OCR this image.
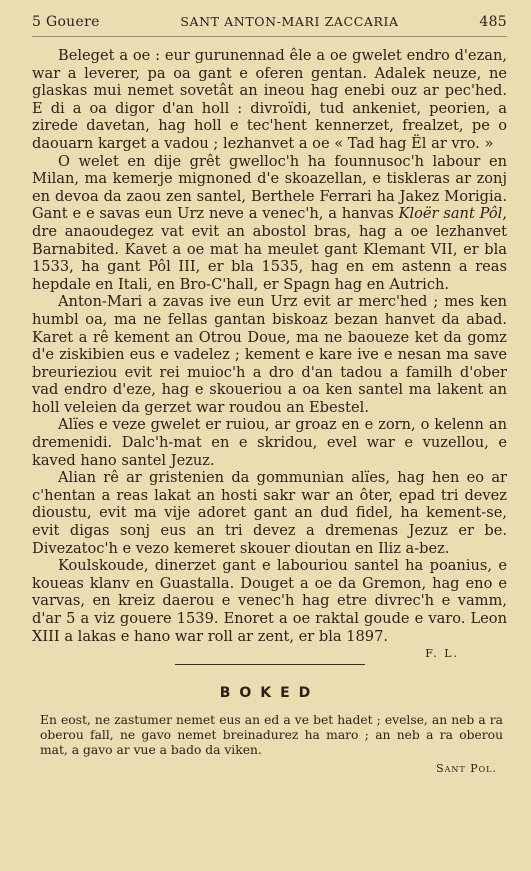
5 Gouere	SANT ANTON-MARI ZACCARIA	485

Beleget a oe : eur gurunennad êle a oe gwelet endro d'ezan, war a leverer, pa oa gant e oferen gentan. Adalek neuze, ne glaskas mui nemet sovetât an ineou hag enebi ouz ar pec'hed. E di a oa digor d'an holl : divroïdi, tud ankeniet, peorien, a zirede davetan, hag holl e tec'hent kennerzet, frealzet, pe o daouarn karget a vadou ; lezhanvet a oe « Tad hag Ël ar vro. »

O welet en dije grêt gwelloc'h ha founnusoc'h labour en Milan, ma kemerje mignoned d'e skoazellan, e tiskleras ar zonj en devoa da zaou zen santel, Berthele Ferrari ha Jakez Morigia. Gant e e savas eun Urz neve a venec'h, a hanvas Kloër sant Pôl, dre anaoudegez vat evit an abostol bras, hag a oe lezhanvet Barnabited. Kavet a oe mat ha meulet gant Klemant VII, er bla 1533, ha gant Pôl III, er bla 1535, hag en em astenn a reas hepdale en Itali, en Bro-C'hall, er Spagn hag en Autrich.

Anton-Mari a zavas ive eun Urz evit ar merc'hed ; mes ken humbl oa, ma ne fellas gantan biskoaz bezan hanvet da abad. Karet a rê kement an Otrou Doue, ma ne baoueze ket da gomz d'e ziskibien eus e vadelez ; kement e kare ive e nesan ma save breurieziou evit rei muioc'h a dro d'an tadou a familh d'ober vad endro d'eze, hag e skoueriou a oa ken santel ma lakent an holl veleien da gerzet war roudou an Ebestel.

Alïes e veze gwelet er ruiou, ar groaz en e zorn, o kelenn an dremenidi. Dalc'h-mat en e skridou, evel war e vuzellou, e kaved hano santel Jezuz.

Alian rê ar gristenien da gommunian alïes, hag hen eo ar c'hentan a reas lakat an hosti sakr war an ôter, epad tri devez dioustu, evit ma vije adoret gant an dud fidel, ha kement-se, evit digas sonj eus an tri devez a dremenas Jezuz er be. Divezatoc'h e vezo kemeret skouer dioutan en Iliz a-bez.

Koulskoude, dinerzet gant e labouriou santel ha poanius, e koueas klanv en Guastalla. Douget a oe da Gremon, hag eno e varvas, en kreiz daerou e venec'h hag etre divrec'h e vamm, d'ar 5 a viz gouere 1539. Enoret a oe raktal goude e varo. Leon XIII a lakas e hano war roll ar zent, er bla 1897.

F. L.
BOKED

En eost, ne zastumer nemet eus an ed a ve bet hadet ; evelse, an neb a ra oberou fall, ne gavo nemet breinadurez ha maro ; an neb a ra oberou mat, a gavo ar vue a bado da viken.

Sant Pol.
